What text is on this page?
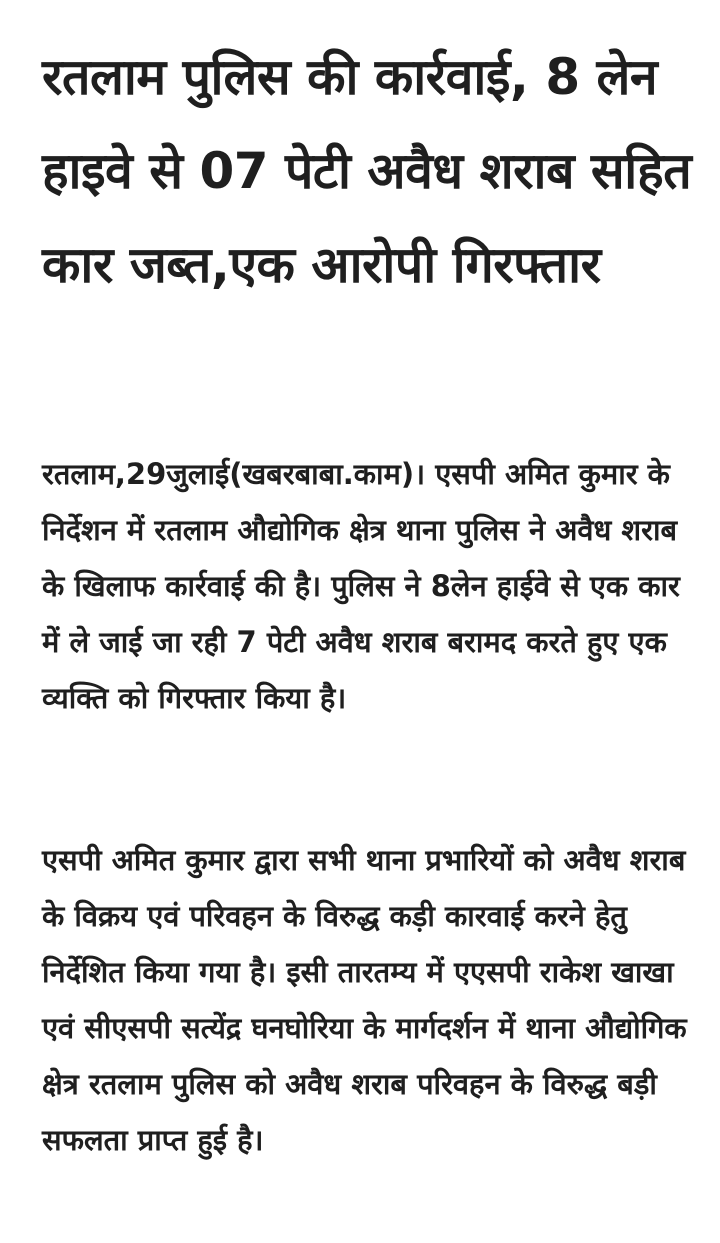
रतलाम पुलिस की कार्रवाई, 8 लेन हाइवे से 07 पेटी अवैध शराब सहित कार जब्त,एक आरोपी गिरफ्तार

रतलाम,29जुलाई(खबरबाबा.काम)। एसपी अमित कुमार के निर्देशन में रतलाम औद्योगिक क्षेत्र थाना पुलिस ने अवैध शराब के खिलाफ कार्रवाई की है। पुलिस ने 8लेन हाईवे से एक कार में ले जाई जा रही 7 पेटी अवैध शराब बरामद करते हुए एक व्यक्ति को गिरफ्तार किया है।

एसपी अमित कुमार द्वारा सभी थाना प्रभारियों को अवैध शराब के विक्रय एवं परिवहन के विरुद्ध कड़ी कारवाई करने हेतु निर्देशित किया गया है। इसी तारतम्य में एएसपी राकेश खाखा एवं सीएसपी सत्येंद्र घनघोरिया के मार्गदर्शन में थाना औद्योगिक क्षेत्र रतलाम पुलिस को अवैध शराब परिवहन के विरुद्ध बड़ी सफलता प्राप्त हुई है।
